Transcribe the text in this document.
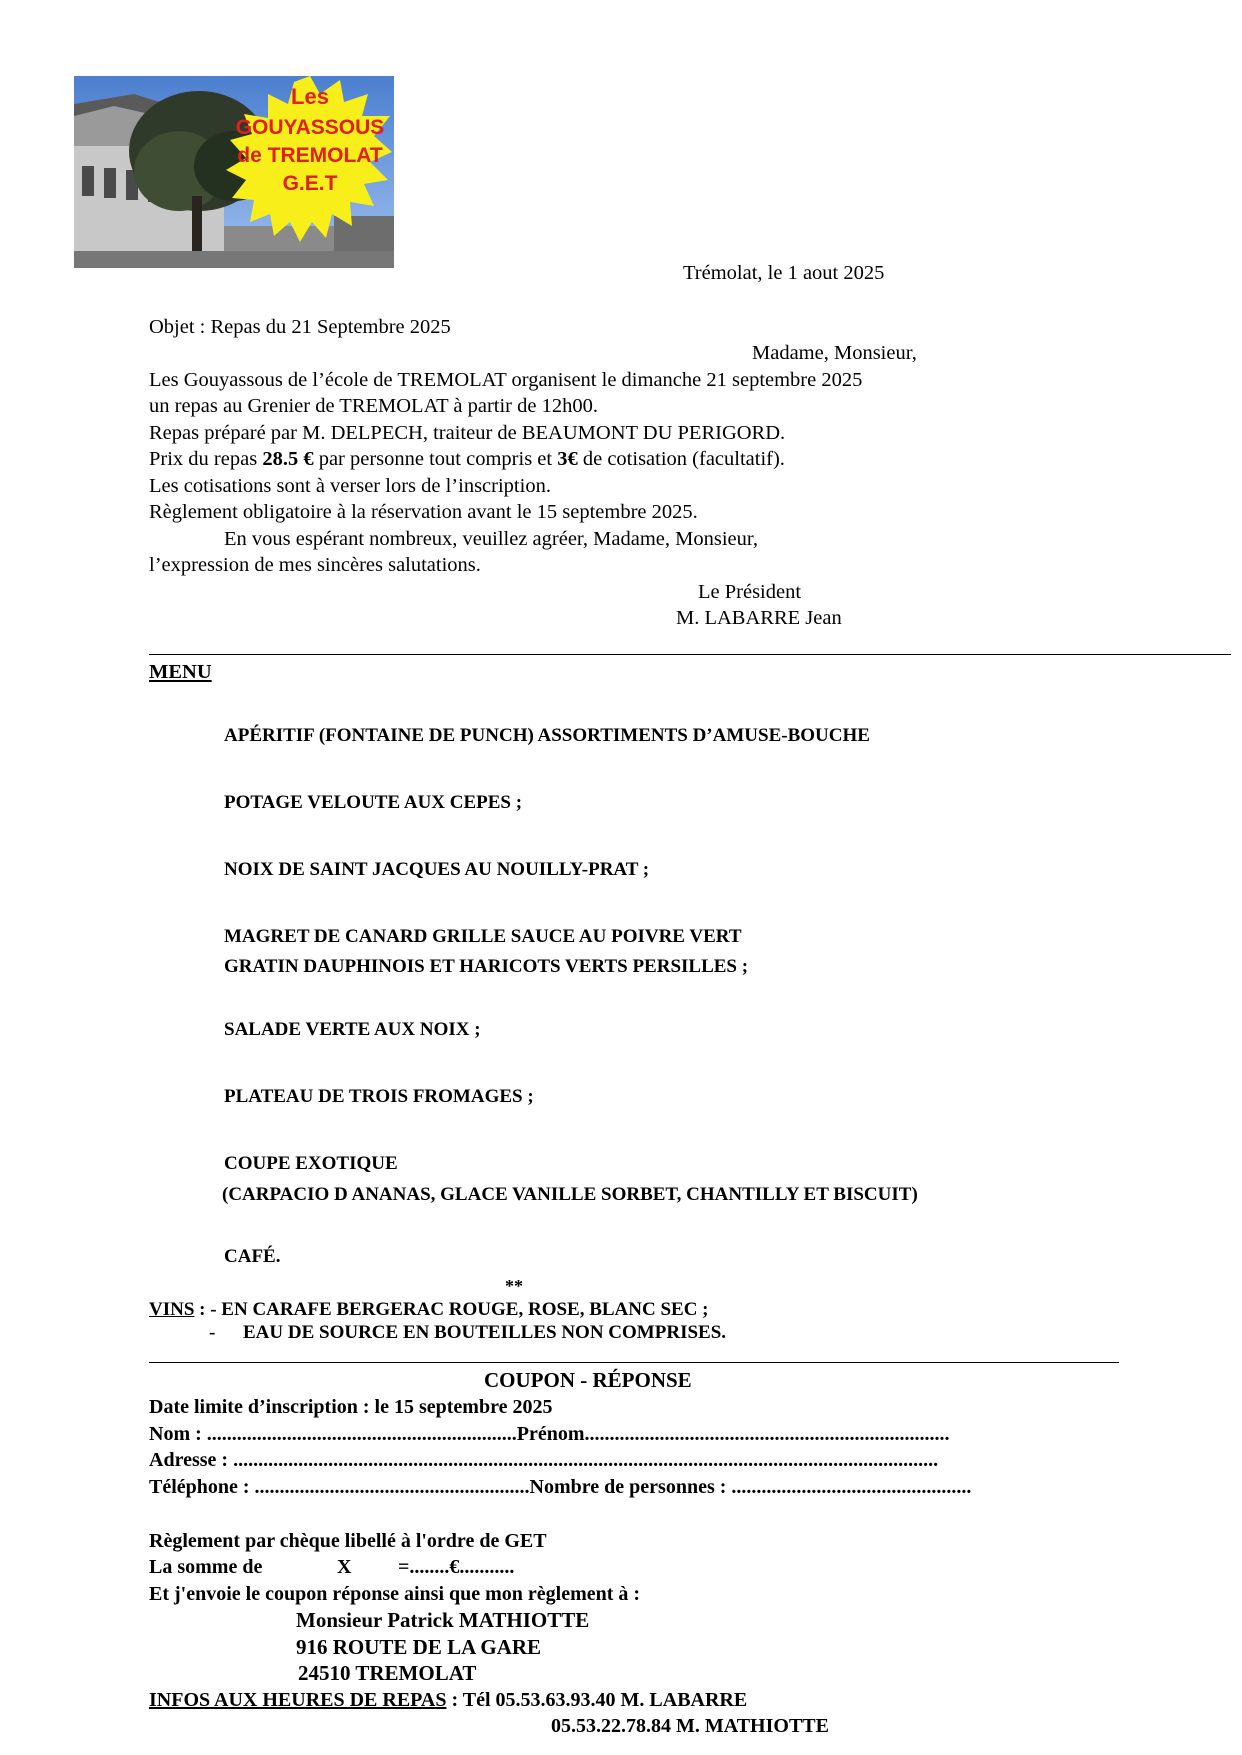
Les
GOUYASSOUS
de TREMOLAT
G.E.T
Trémolat, le 1 aout 2025
Objet : Repas du 21 Septembre 2025
Madame, Monsieur,
Les Gouyassous de l’école de TREMOLAT organisent le dimanche 21 septembre 2025
un repas au Grenier de TREMOLAT à partir de 12h00.
Repas préparé par M. DELPECH, traiteur de BEAUMONT DU PERIGORD.
Prix du repas 28.5 € par personne tout compris et 3€ de cotisation (facultatif).
Les cotisations sont à verser lors de l’inscription.
Règlement obligatoire à la réservation avant le 15 septembre 2025.
En vous espérant nombreux, veuillez agréer, Madame, Monsieur,
l’expression de mes sincères salutations.
Le Président
M. LABARRE Jean
MENU
APÉRITIF (FONTAINE DE PUNCH) ASSORTIMENTS D’AMUSE-BOUCHE
POTAGE VELOUTE AUX CEPES ;
NOIX DE SAINT JACQUES AU NOUILLY-PRAT ;
MAGRET DE CANARD GRILLE SAUCE AU POIVRE VERT
GRATIN DAUPHINOIS ET HARICOTS VERTS PERSILLES ;
SALADE VERTE AUX NOIX ;
PLATEAU DE TROIS FROMAGES ;
COUPE EXOTIQUE
(CARPACIO D ANANAS, GLACE VANILLE SORBET, CHANTILLY ET BISCUIT)
CAFÉ.
**
VINS : - EN CARAFE BERGERAC ROUGE, ROSE, BLANC SEC ;
- EAU DE SOURCE EN BOUTEILLES NON COMPRISES.
COUPON - RÉPONSE
Date limite d’inscription : le 15 septembre 2025
Nom : ..............................................................Prénom.........................................................................
Adresse : .............................................................................................................................................
Téléphone : .......................................................Nombre de personnes : ................................................
Règlement par chèque libellé à l'ordre de GET
La somme de	X =........€...........
Et j'envoie le coupon réponse ainsi que mon règlement à :
Monsieur Patrick MATHIOTTE
916 ROUTE DE LA GARE
24510 TREMOLAT
INFOS AUX HEURES DE REPAS : Tél 05.53.63.93.40 M. LABARRE
05.53.22.78.84 M. MATHIOTTE
